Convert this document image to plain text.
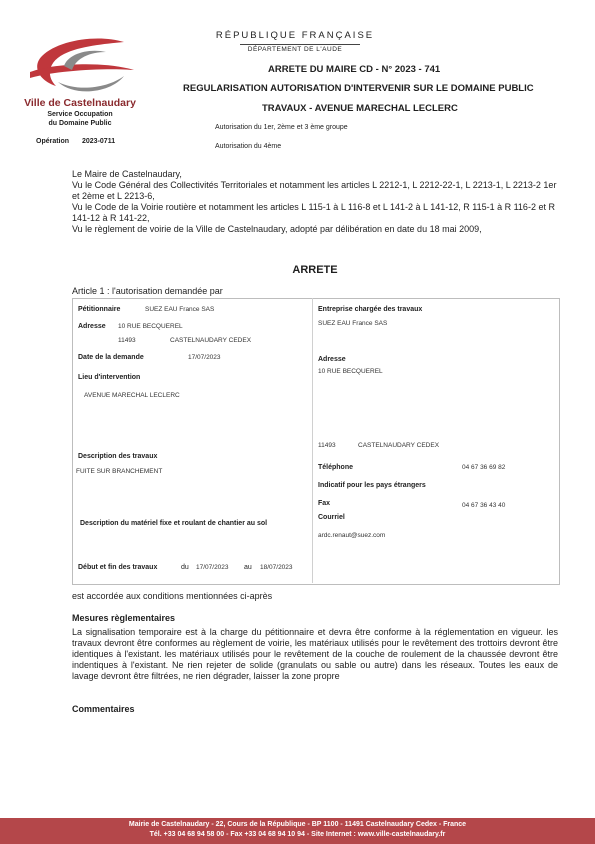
Ville de Castelnaudary
Service Occupation
du Domaine Public
Opération 2023-0711
RÉPUBLIQUE FRANÇAISE
DÉPARTEMENT DE L'AUDE
ARRETE DU MAIRE CD - N° 2023 - 741
REGULARISATION AUTORISATION D'INTERVENIR SUR LE DOMAINE PUBLIC
TRAVAUX - AVENUE MARECHAL LECLERC
Autorisation du 1er, 2ème et 3 ème groupe
Autorisation du 4ème
Le Maire de Castelnaudary,
Vu le Code Général des Collectivités Territoriales et notamment les articles L 2212-1, L 2212-22-1, L 2213-1, L 2213-2 1er et 2ème et L 2213-6,
Vu le Code de la Voirie routière et notamment les articles L 115-1 à L 116-8 et L 141-2 à L 141-12, R 115-1 à R 116-2 et R 141-12 à R 141-22,
Vu le règlement de voirie de la Ville de Castelnaudary, adopté par délibération en date du 18 mai 2009,
ARRETE
Article 1 : l'autorisation demandée par
Pétitionnaire	SUEZ EAU France SAS
Adresse 10 RUE BECQUEREL
11493	CASTELNAUDARY CEDEX
Date de la demande	17/07/2023
Lieu d'intervention
AVENUE MARECHAL LECLERC
Description des travaux
FUITE SUR BRANCHEMENT
Description du matériel fixe et roulant de chantier au sol
Début et fin des travaux	du 17/07/2023 au 18/07/2023
Entreprise chargée des travaux
SUEZ EAU France SAS
Adresse
10 RUE BECQUEREL
11493	CASTELNAUDARY CEDEX
Téléphone	04 67 36 69 82
Indicatif pour les pays étrangers
Fax	04 67 36 43 40
Courriel
ardc.renaut@suez.com
est accordée aux conditions mentionnées ci-après
Mesures règlementaires
La signalisation temporaire est à la charge du pétitionnaire et devra être conforme à la réglementation en vigueur. les travaux devront être conformes au règlement de voirie, les matériaux utilisés pour le revêtement des trottoirs devront être identiques à l'existant. les matériaux utilisés pour le revêtement de la couche de roulement de la chaussée devront être indentiques à l'existant. Ne rien rejeter de solide (granulats ou sable ou autre) dans les réseaux. Toutes les eaux de lavage devront être filtrées, ne rien dégrader, laisser la zone propre
Commentaires
Mairie de Castelnaudary - 22, Cours de la République - BP 1100 - 11491 Castelnaudary Cedex - France
Tél. +33 04 68 94 58 00 - Fax +33 04 68 94 10 94 - Site Internet : www.ville-castelnaudary.fr
